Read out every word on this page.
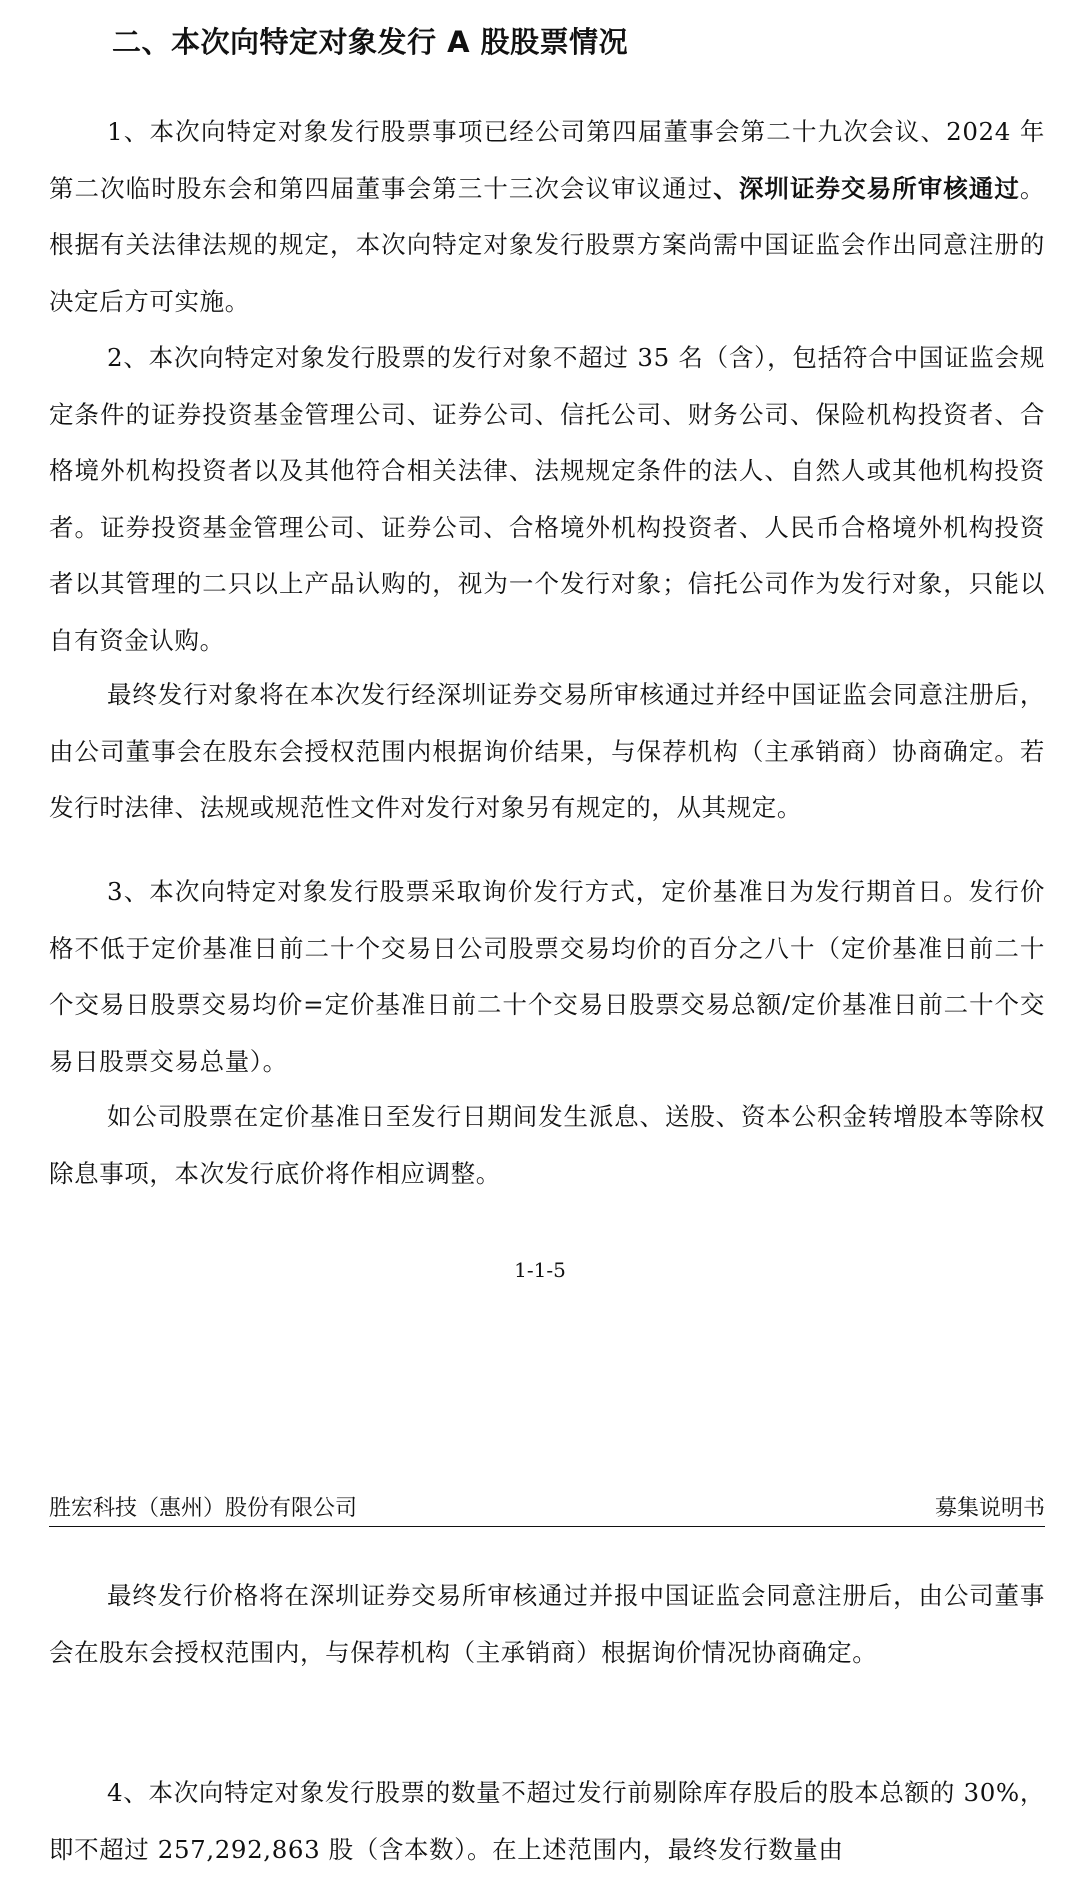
二、本次向特定对象发行 A 股股票情况
1、本次向特定对象发行股票事项已经公司第四届董事会第二十九次会议、2024 年第二次临时股东会和第四届董事会第三十三次会议审议通过、深圳证券交易所审核通过。根据有关法律法规的规定，本次向特定对象发行股票方案尚需中国证监会作出同意注册的决定后方可实施。
2、本次向特定对象发行股票的发行对象不超过 35 名（含），包括符合中国证监会规定条件的证券投资基金管理公司、证券公司、信托公司、财务公司、保险机构投资者、合格境外机构投资者以及其他符合相关法律、法规规定条件的法人、自然人或其他机构投资者。证券投资基金管理公司、证券公司、合格境外机构投资者、人民币合格境外机构投资者以其管理的二只以上产品认购的，视为一个发行对象；信托公司作为发行对象，只能以自有资金认购。
最终发行对象将在本次发行经深圳证券交易所审核通过并经中国证监会同意注册后，由公司董事会在股东会授权范围内根据询价结果，与保荐机构（主承销商）协商确定。若发行时法律、法规或规范性文件对发行对象另有规定的，从其规定。
3、本次向特定对象发行股票采取询价发行方式，定价基准日为发行期首日。发行价格不低于定价基准日前二十个交易日公司股票交易均价的百分之八十（定价基准日前二十个交易日股票交易均价=定价基准日前二十个交易日股票交易总额/定价基准日前二十个交易日股票交易总量）。
如公司股票在定价基准日至发行日期间发生派息、送股、资本公积金转增股本等除权除息事项，本次发行底价将作相应调整。
1-1-5
胜宏科技（惠州）股份有限公司	募集说明书
最终发行价格将在深圳证券交易所审核通过并报中国证监会同意注册后，由公司董事会在股东会授权范围内，与保荐机构（主承销商）根据询价情况协商确定。
4、本次向特定对象发行股票的数量不超过发行前剔除库存股后的股本总额的 30%，即不超过 257,292,863 股（含本数）。在上述范围内，最终发行数量由
